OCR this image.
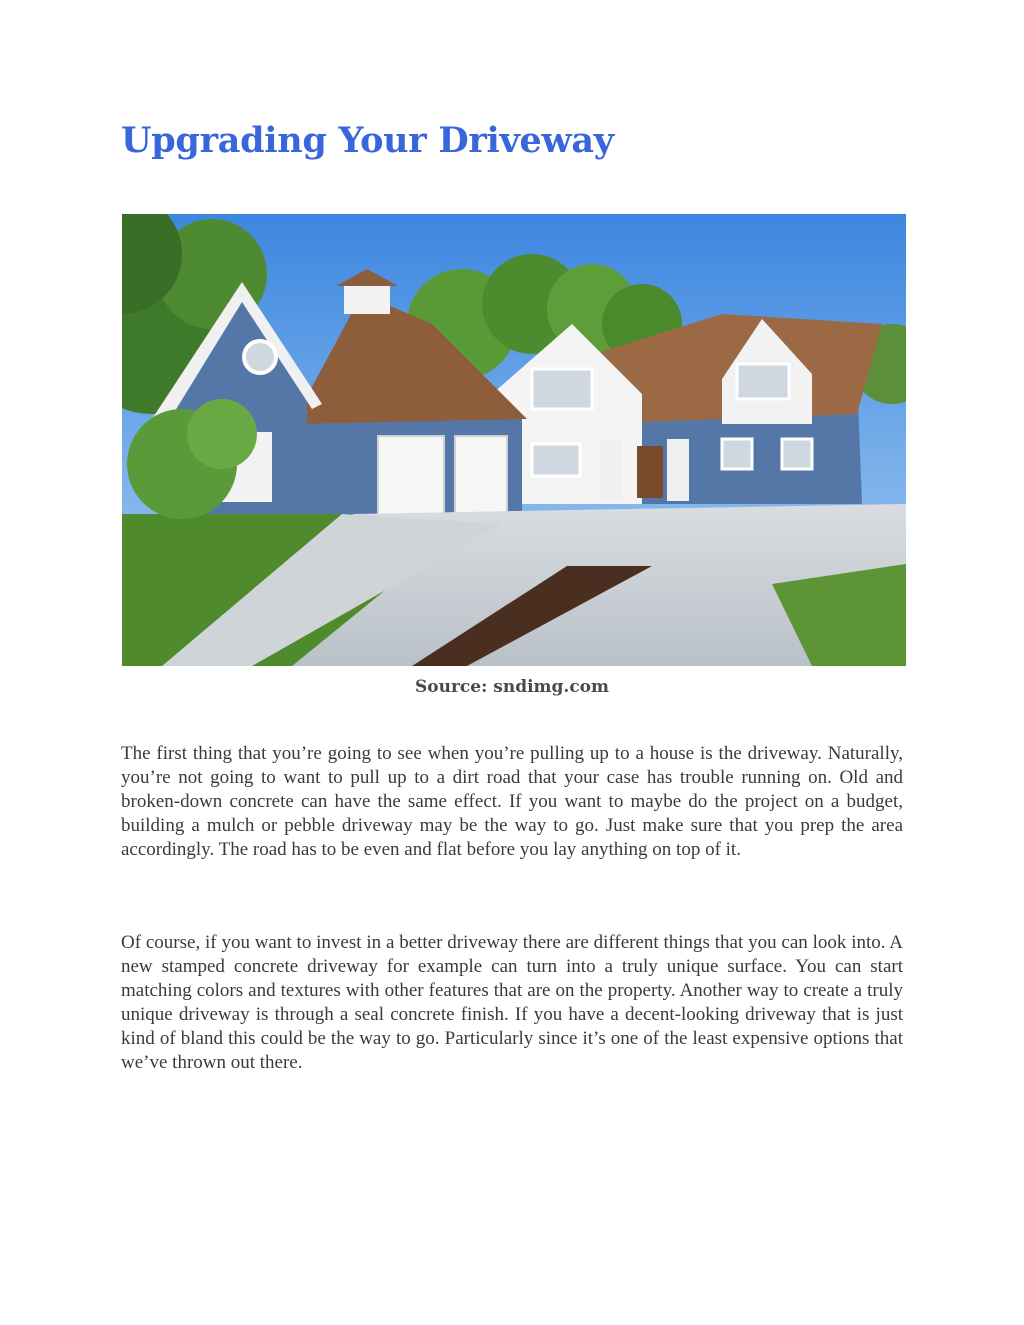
Upgrading Your Driveway
Source: sndimg.com

The first thing that you’re going to see when you’re pulling up to a house is the driveway. Naturally, you’re not going to want to pull up to a dirt road that your case has trouble running on. Old and broken-down concrete can have the same effect. If you want to maybe do the project on a budget, building a mulch or pebble driveway may be the way to go. Just make sure that you prep the area accordingly. The road has to be even and flat before you lay anything on top of it.

Of course, if you want to invest in a better driveway there are different things that you can look into. A new stamped concrete driveway for example can turn into a truly unique surface. You can start matching colors and textures with other features that are on the property. Another way to create a truly unique driveway is through a seal concrete finish. If you have a decent-looking driveway that is just kind of bland this could be the way to go. Particularly since it’s one of the least expensive options that we’ve thrown out there.
